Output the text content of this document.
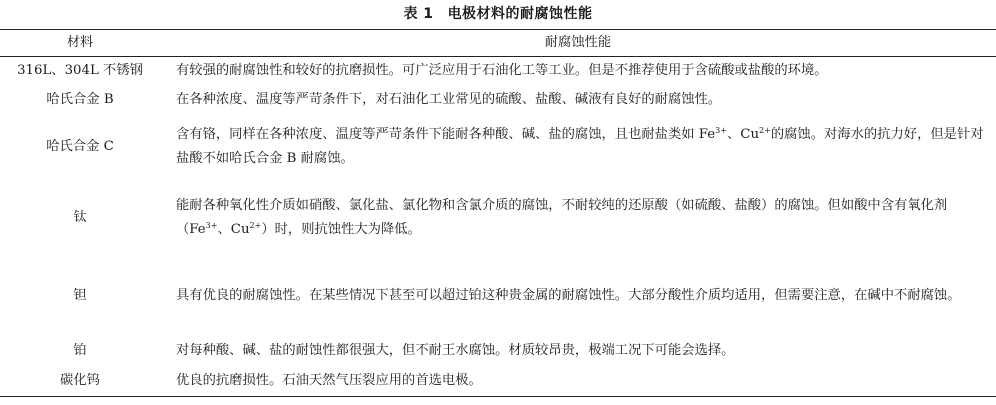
表 1 电极材料的耐腐蚀性能
材料	耐腐蚀性能
316L、304L 不锈钢	有较强的耐腐蚀性和较好的抗磨损性。可广泛应用于石油化工等工业。但是不推荐使用于含硫酸或盐酸的环境。
哈氏合金 B	在各种浓度、温度等严苛条件下，对石油化工业常见的硫酸、盐酸、碱液有良好的耐腐蚀性。
哈氏合金 C	含有铬，同样在各种浓度、温度等严苛条件下能耐各种酸、碱、盐的腐蚀，且也耐盐类如 $Fe^{3+}$、$Cu^{2+}$的腐蚀。对海水的抗力好，但是针对盐酸不如哈氏合金 B 耐腐蚀。
钛	能耐各种氧化性介质如硝酸、氯化盐、氯化物和含氯介质的腐蚀，不耐较纯的还原酸（如硫酸、盐酸）的腐蚀。但如酸中含有氧化剂（$Fe^{3+}$、$Cu^{2+}$）时，则抗蚀性大为降低。
钽	具有优良的耐腐蚀性。在某些情况下甚至可以超过铂这种贵金属的耐腐蚀性。大部分酸性介质均适用，但需要注意，在碱中不耐腐蚀。
铂	对每种酸、碱、盐的耐蚀性都很强大，但不耐王水腐蚀。材质较昂贵，极端工况下可能会选择。
碳化钨	优良的抗磨损性。石油天然气压裂应用的首选电极。
